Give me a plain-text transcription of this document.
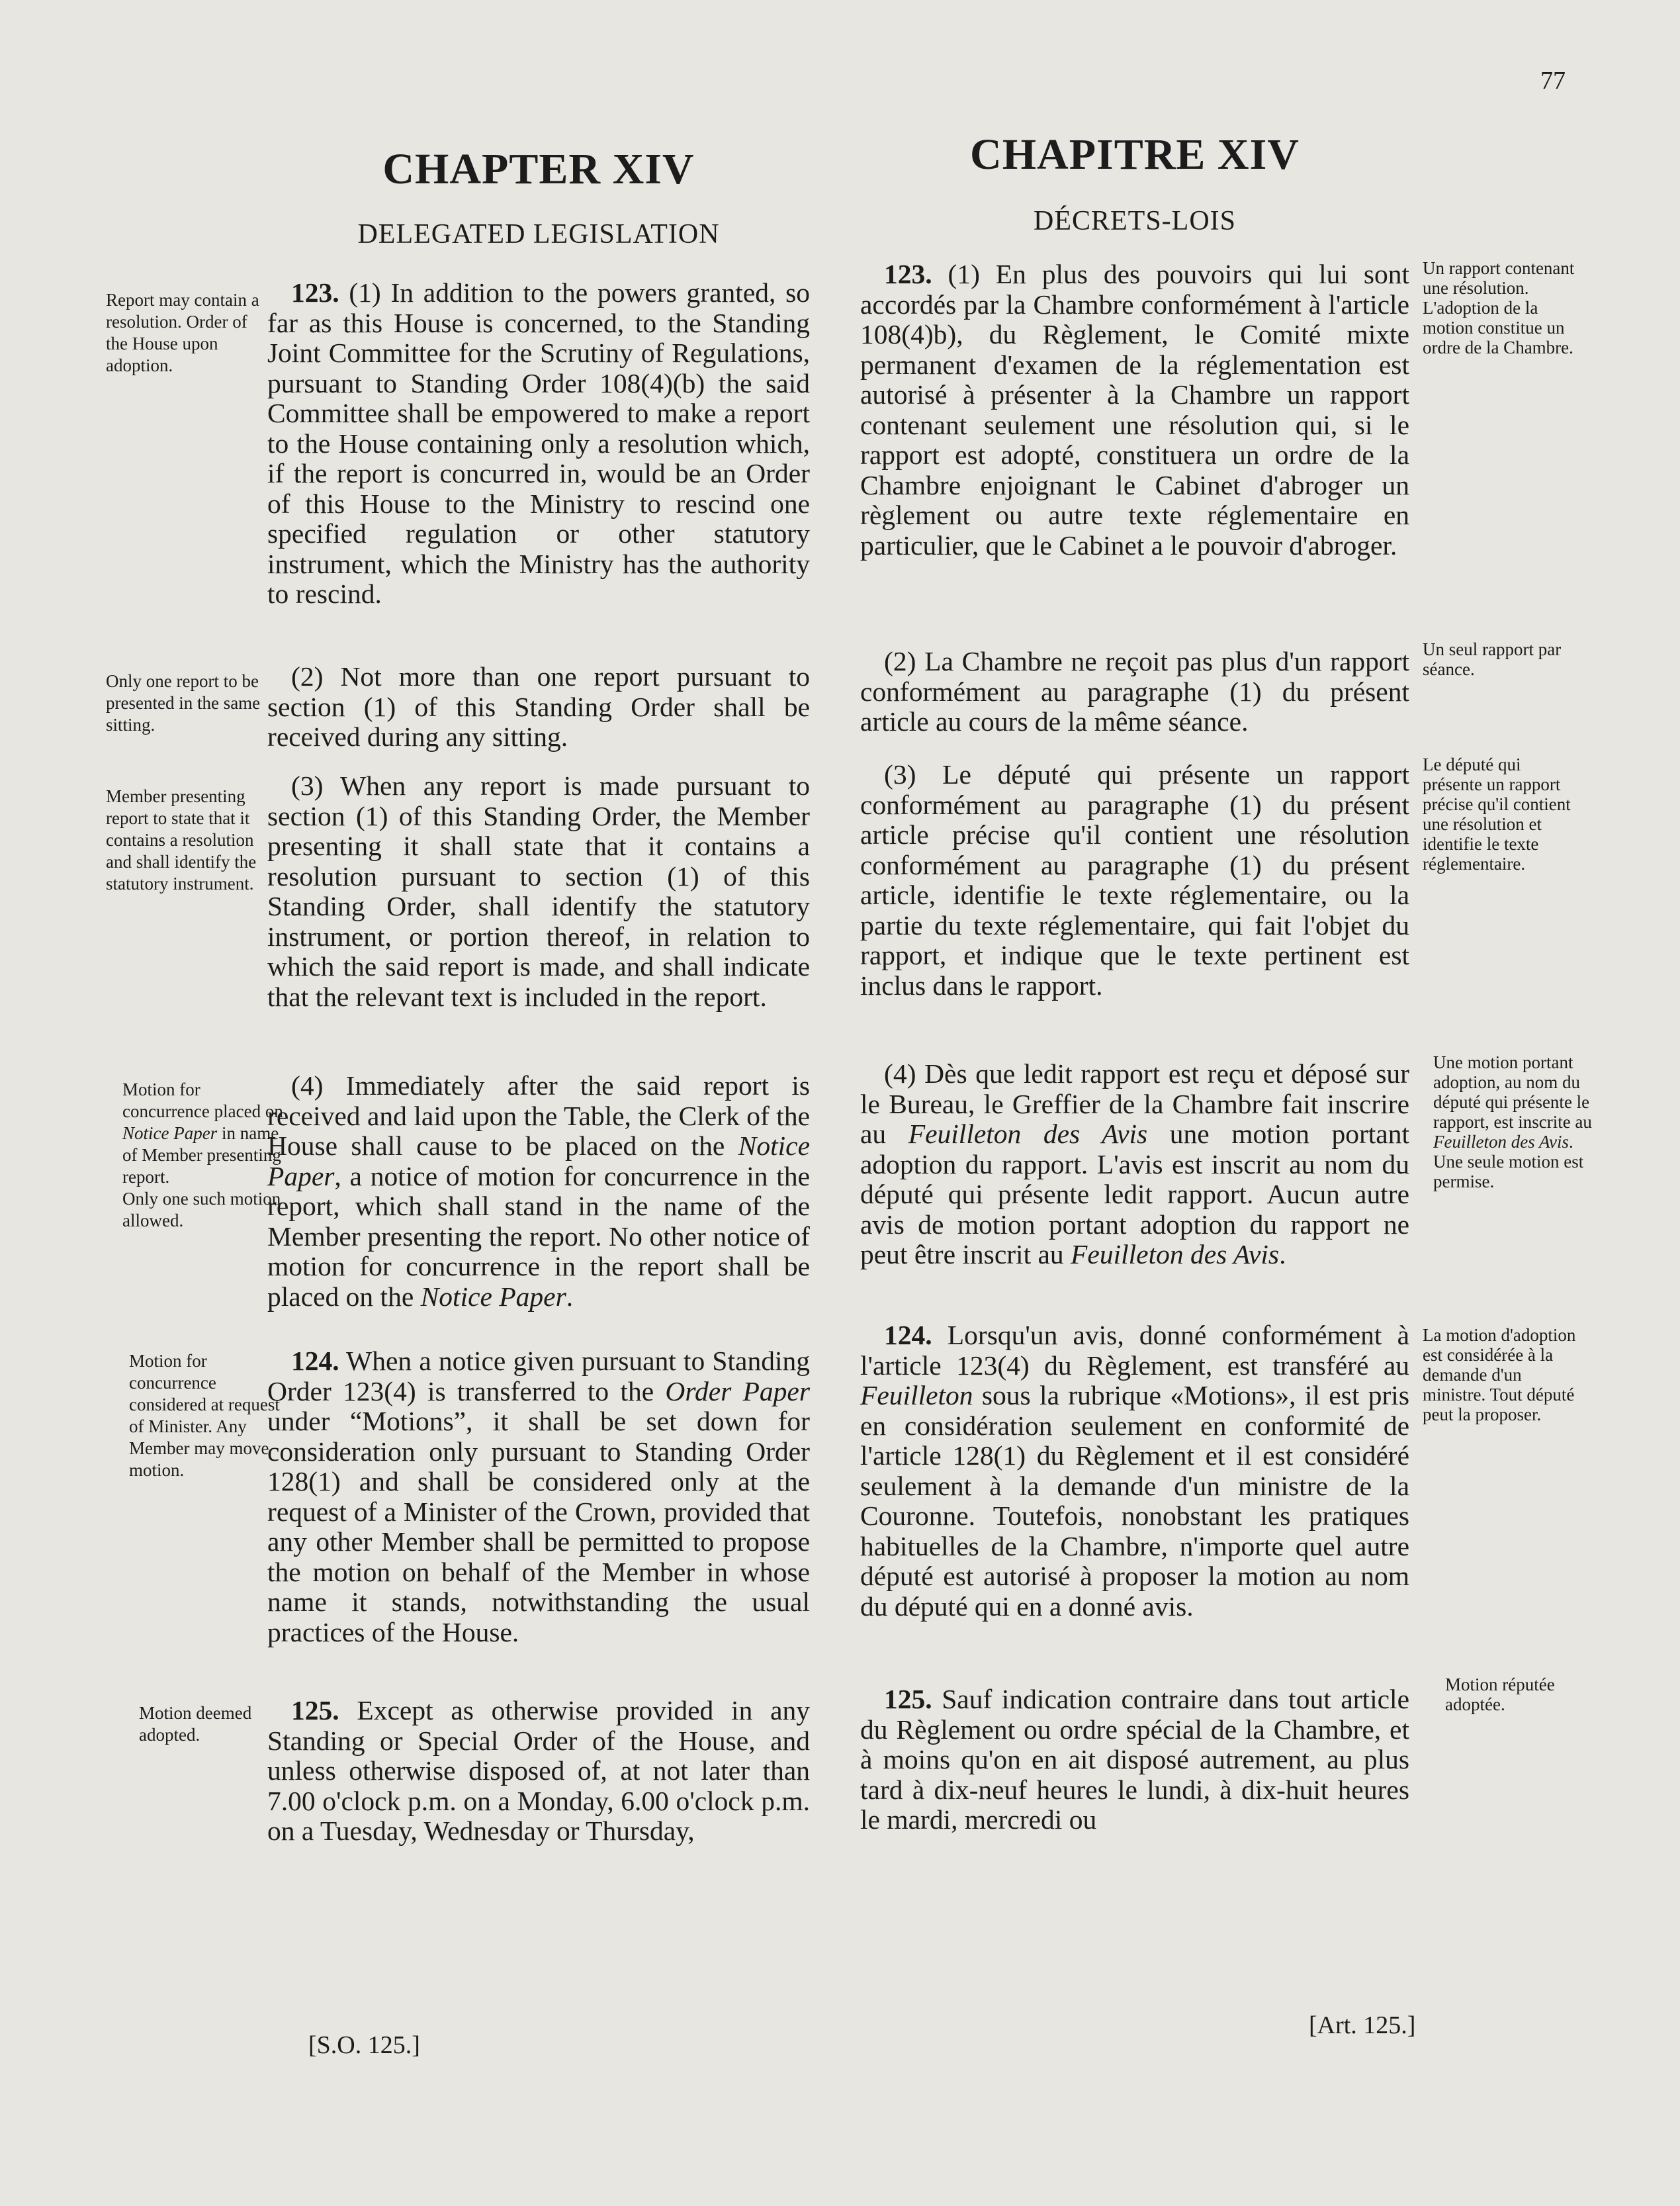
77
CHAPTER XIV
DELEGATED LEGISLATION
CHAPITRE XIV
DÉCRETS-LOIS

123. (1) In addition to the powers granted, so far as this House is concerned, to the Standing Joint Committee for the Scrutiny of Regulations, pursuant to Standing Order 108(4)(b) the said Committee shall be empowered to make a report to the House containing only a resolution which, if the report is concurred in, would be an Order of this House to the Ministry to rescind one specified regulation or other statutory instrument, which the Ministry has the authority to rescind.

(2) Not more than one report pursuant to section (1) of this Standing Order shall be received during any sitting.

(3) When any report is made pursuant to section (1) of this Standing Order, the Member presenting it shall state that it contains a resolution pursuant to section (1) of this Standing Order, shall identify the statutory instrument, or portion thereof, in relation to which the said report is made, and shall indicate that the relevant text is included in the report.

(4) Immediately after the said report is received and laid upon the Table, the Clerk of the House shall cause to be placed on the Notice Paper, a notice of motion for concurrence in the report, which shall stand in the name of the Member presenting the report. No other notice of motion for concurrence in the report shall be placed on the Notice Paper.

124. When a notice given pursuant to Standing Order 123(4) is transferred to the Order Paper under “Motions”, it shall be set down for consideration only pursuant to Standing Order 128(1) and shall be considered only at the request of a Minister of the Crown, provided that any other Member shall be permitted to propose the motion on behalf of the Member in whose name it stands, notwithstanding the usual practices of the House.

125. Except as otherwise provided in any Standing or Special Order of the House, and unless otherwise disposed of, at not later than 7.00 o'clock p.m. on a Monday, 6.00 o'clock p.m. on a Tuesday, Wednesday or Thursday,

[S.O. 125.]
Report may contain a resolution. Order of the House upon adoption.
Only one report to be presented in the same sitting.
Member presenting report to state that it contains a resolution and shall identify the statutory instrument.
Motion for concurrence placed on Notice Paper in name of Member presenting report.
Only one such motion allowed.
Motion for concurrence considered at request of Minister. Any Member may move motion.
Motion deemed adopted.

123. (1) En plus des pouvoirs qui lui sont accordés par la Chambre conformément à l'article 108(4)b), du Règlement, le Comité mixte permanent d'examen de la réglementation est autorisé à présenter à la Chambre un rapport contenant seulement une résolution qui, si le rapport est adopté, constituera un ordre de la Chambre enjoignant le Cabinet d'abroger un règlement ou autre texte réglementaire en particulier, que le Cabinet a le pouvoir d'abroger.

(2) La Chambre ne reçoit pas plus d'un rapport conformément au paragraphe (1) du présent article au cours de la même séance.

(3) Le député qui présente un rapport conformément au paragraphe (1) du présent article précise qu'il contient une résolution conformément au paragraphe (1) du présent article, identifie le texte réglementaire, ou la partie du texte réglementaire, qui fait l'objet du rapport, et indique que le texte pertinent est inclus dans le rapport.

(4) Dès que ledit rapport est reçu et déposé sur le Bureau, le Greffier de la Chambre fait inscrire au Feuilleton des Avis une motion portant adoption du rapport. L'avis est inscrit au nom du député qui présente ledit rapport. Aucun autre avis de motion portant adoption du rapport ne peut être inscrit au Feuilleton des Avis.

124. Lorsqu'un avis, donné conformément à l'article 123(4) du Règlement, est transféré au Feuilleton sous la rubrique «Motions», il est pris en considération seulement en conformité de l'article 128(1) du Règlement et il est considéré seulement à la demande d'un ministre de la Couronne. Toutefois, nonobstant les pratiques habituelles de la Chambre, n'importe quel autre député est autorisé à proposer la motion au nom du député qui en a donné avis.

125. Sauf indication contraire dans tout article du Règlement ou ordre spécial de la Chambre, et à moins qu'on en ait disposé autrement, au plus tard à dix-neuf heures le lundi, à dix-huit heures le mardi, mercredi ou

[Art. 125.]
Un rapport contenant une résolution. L'adoption de la motion constitue un ordre de la Chambre.
Un seul rapport par séance.
Le député qui présente un rapport précise qu'il contient une résolution et identifie le texte réglementaire.
Une motion portant adoption, au nom du député qui présente le rapport, est inscrite au Feuilleton des Avis.
Une seule motion est permise.
La motion d'adoption est considérée à la demande d'un ministre. Tout député peut la proposer.
Motion réputée adoptée.
